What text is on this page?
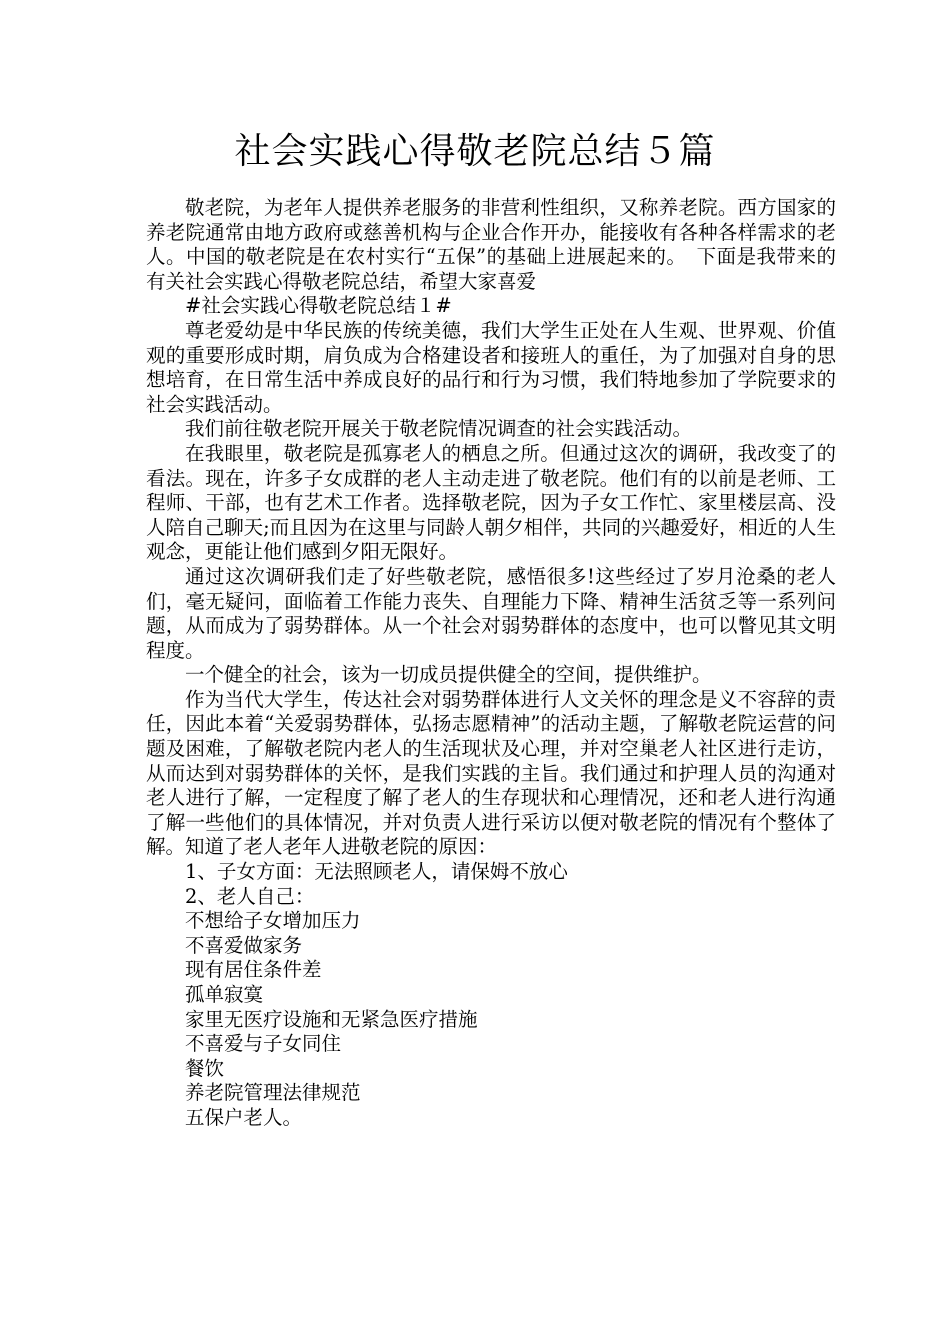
社会实践心得敬老院总结５篇

敬老院，为老年人提供养老服务的非营利性组织，又称养老院。西方国家的养老院通常由地方政府或慈善机构与企业合作开办，能接收有各种各样需求的老人。中国的敬老院是在农村实行“五保”的基础上进展起来的。　下面是我带来的有关社会实践心得敬老院总结，希望大家喜爱

#社会实践心得敬老院总结１#

尊老爱幼是中华民族的传统美德，我们大学生正处在人生观、世界观、价值观的重要形成时期，肩负成为合格建设者和接班人的重任，为了加强对自身的思想培育，在日常生活中养成良好的品行和行为习惯，我们特地参加了学院要求的社会实践活动。

我们前往敬老院开展关于敬老院情况调查的社会实践活动。

在我眼里，敬老院是孤寡老人的栖息之所。但通过这次的调研，我改变了的看法。现在，许多子女成群的老人主动走进了敬老院。他们有的以前是老师、工程师、干部，也有艺术工作者。选择敬老院，因为子女工作忙、家里楼层高、没人陪自己聊天;而且因为在这里与同龄人朝夕相伴，共同的兴趣爱好，相近的人生观念，更能让他们感到夕阳无限好。

通过这次调研我们走了好些敬老院，感悟很多!这些经过了岁月沧桑的老人们，毫无疑问，面临着工作能力丧失、自理能力下降、精神生活贫乏等一系列问题，从而成为了弱势群体。从一个社会对弱势群体的态度中，也可以瞥见其文明程度。

一个健全的社会，该为一切成员提供健全的空间，提供维护。

作为当代大学生，传达社会对弱势群体进行人文关怀的理念是义不容辞的责任，因此本着“关爱弱势群体，弘扬志愿精神”的活动主题，了解敬老院运营的问题及困难，了解敬老院内老人的生活现状及心理，并对空巢老人社区进行走访，从而达到对弱势群体的关怀，是我们实践的主旨。我们通过和护理人员的沟通对老人进行了解，一定程度了解了老人的生存现状和心理情况，还和老人进行沟通了解一些他们的具体情况，并对负责人进行采访以便对敬老院的情况有个整体了解。知道了老人老年人进敬老院的原因：

1、子女方面：无法照顾老人，请保姆不放心

2、老人自己：

不想给子女增加压力

不喜爱做家务

现有居住条件差

孤单寂寞

家里无医疗设施和无紧急医疗措施

不喜爱与子女同住

餐饮

养老院管理法律规范

五保户老人。
